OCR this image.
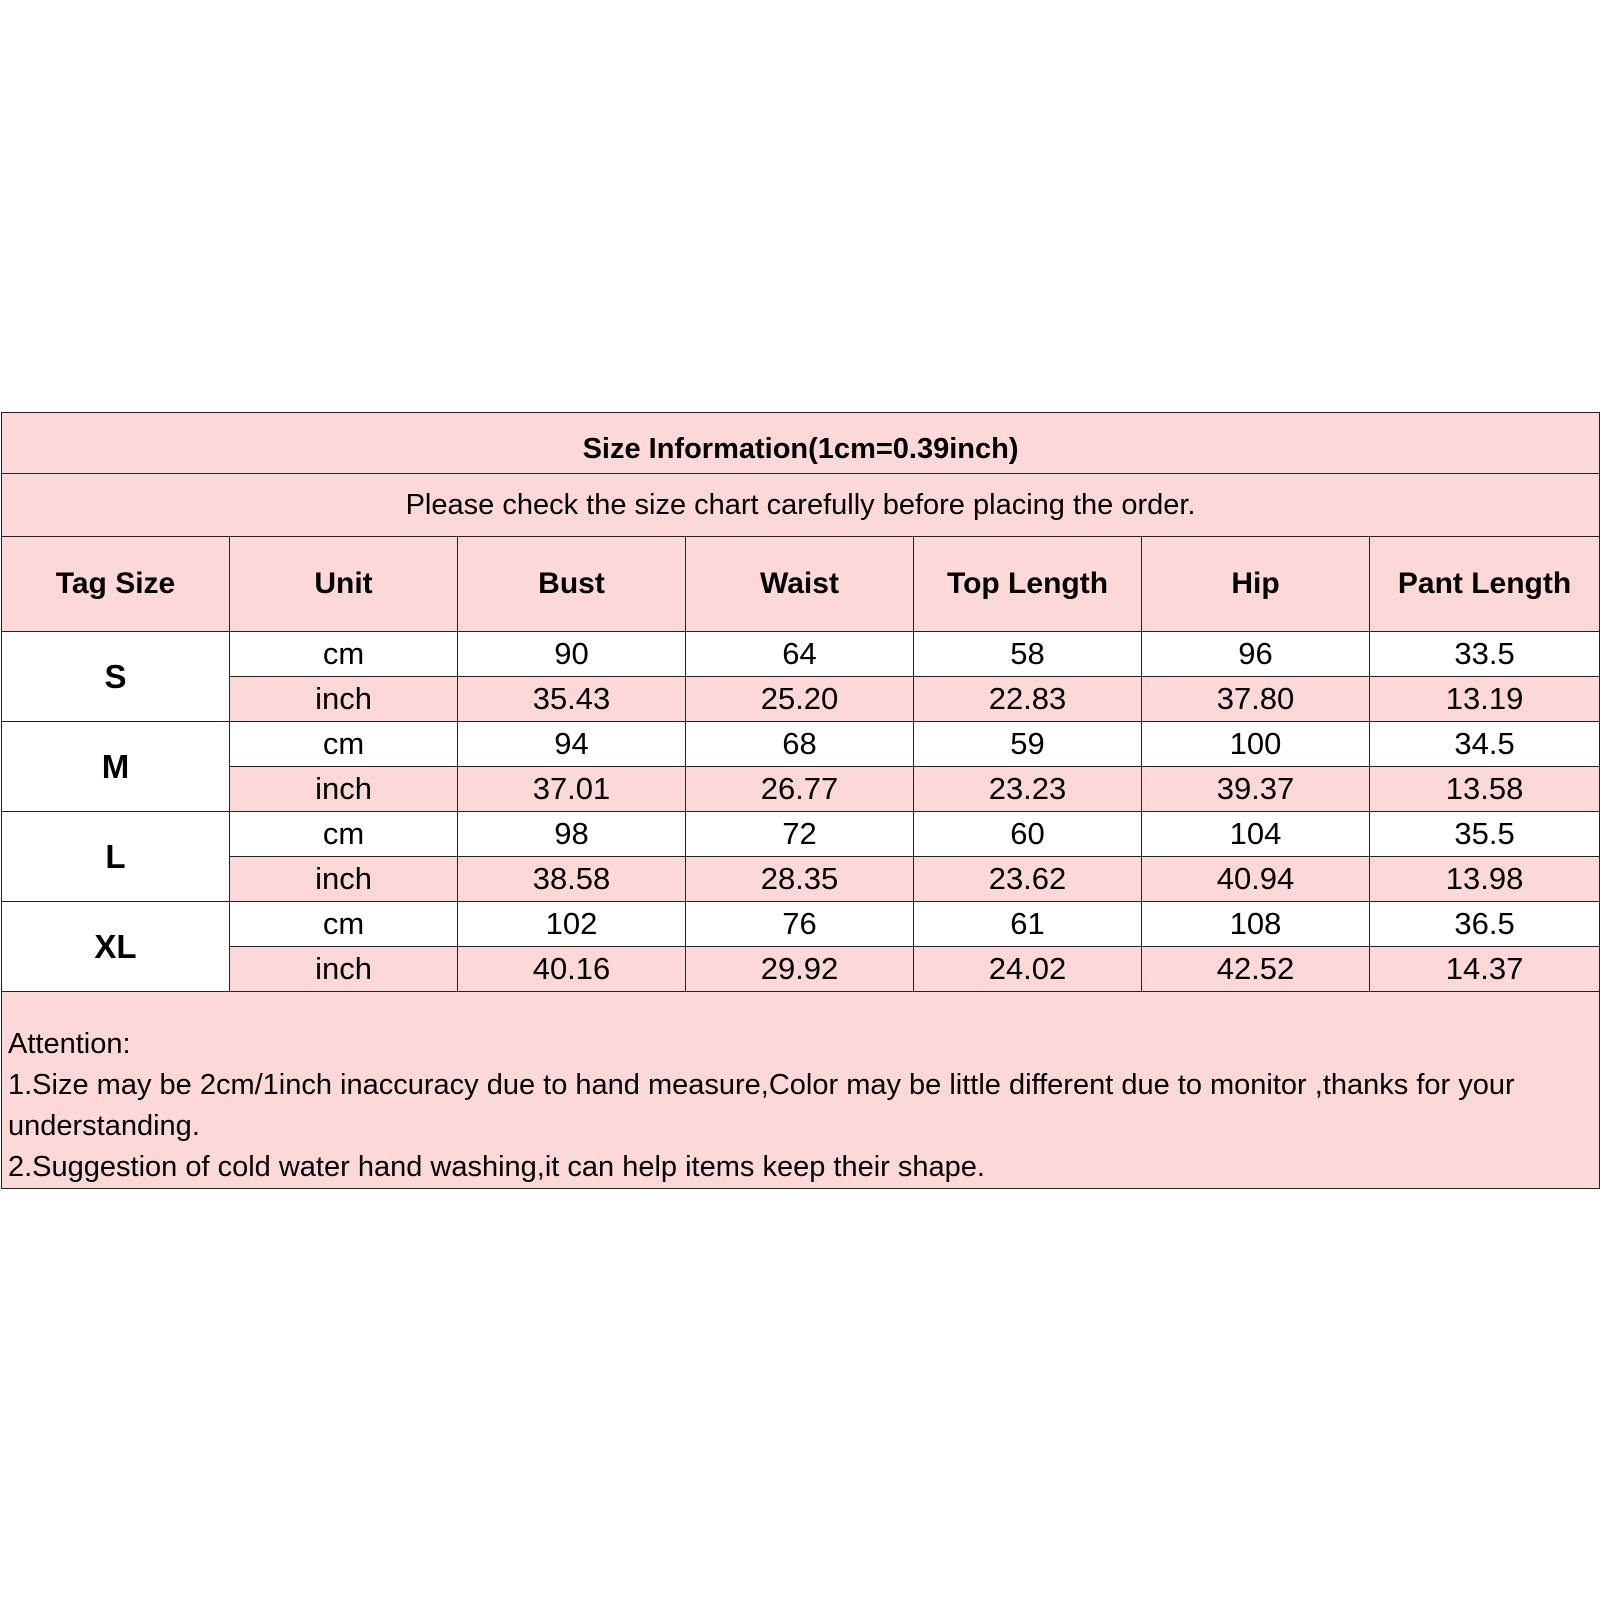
Size Information(1cm=0.39inch)						
Please check the size chart carefully before placing the order.						
Tag Size	Unit	Bust	Waist	Top Length	Hip	Pant Length
S	cm	90	64	58	96	33.5
	inch	35.43	25.20	22.83	37.80	13.19
M	cm	94	68	59	100	34.5
	inch	37.01	26.77	23.23	39.37	13.58
L	cm	98	72	60	104	35.5
	inch	38.58	28.35	23.62	40.94	13.98
XL	cm	102	76	61	108	36.5
	inch	40.16	29.92	24.02	42.52	14.37

Attention:

1.Size may be 2cm/1inch inaccuracy due to hand measure,Color may be little different due to monitor ,thanks for your understanding.

2.Suggestion of cold water hand washing,it can help items keep their shape.						
